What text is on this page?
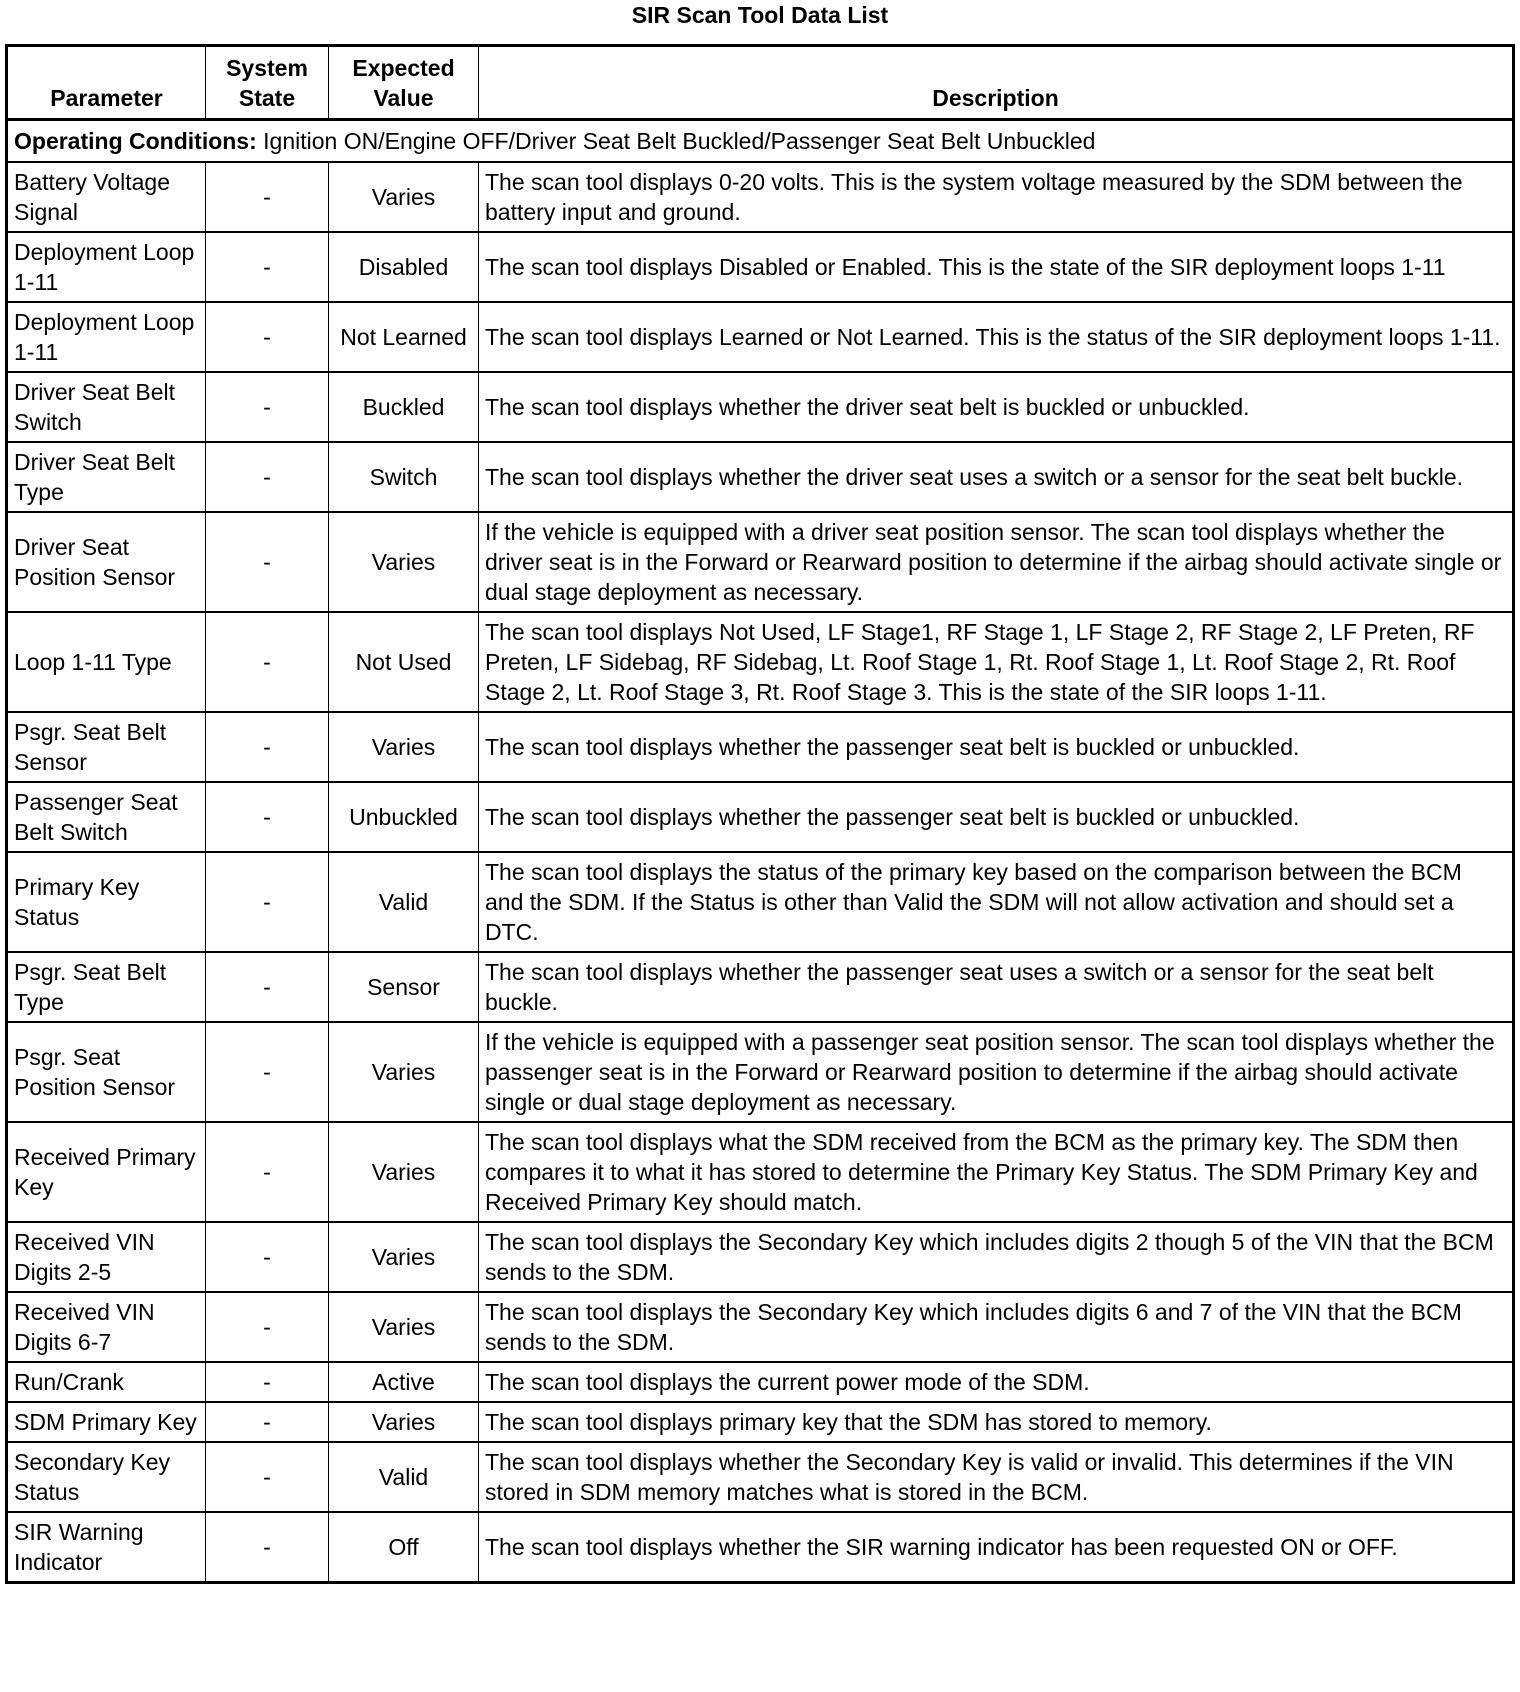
SIR Scan Tool Data List
Parameter	System State	Expected Value	Description
Operating Conditions: Ignition ON/Engine OFF/Driver Seat Belt Buckled/Passenger Seat Belt Unbuckled			
Battery Voltage Signal	-	Varies	The scan tool displays 0-20 volts. This is the system voltage measured by the SDM between the battery input and ground.
Deployment Loop 1-11	-	Disabled	The scan tool displays Disabled or Enabled. This is the state of the SIR deployment loops 1-11
Deployment Loop 1-11	-	Not Learned	The scan tool displays Learned or Not Learned. This is the status of the SIR deployment loops 1-11.
Driver Seat Belt Switch	-	Buckled	The scan tool displays whether the driver seat belt is buckled or unbuckled.
Driver Seat Belt Type	-	Switch	The scan tool displays whether the driver seat uses a switch or a sensor for the seat belt buckle.
Driver Seat Position Sensor	-	Varies	If the vehicle is equipped with a driver seat position sensor. The scan tool displays whether the driver seat is in the Forward or Rearward position to determine if the airbag should activate single or dual stage deployment as necessary.
Loop 1-11 Type	-	Not Used	The scan tool displays Not Used, LF Stage1, RF Stage 1, LF Stage 2, RF Stage 2, LF Preten, RF Preten, LF Sidebag, RF Sidebag, Lt. Roof Stage 1, Rt. Roof Stage 1, Lt. Roof Stage 2, Rt. Roof Stage 2, Lt. Roof Stage 3, Rt. Roof Stage 3. This is the state of the SIR loops 1-11.
Psgr. Seat Belt Sensor	-	Varies	The scan tool displays whether the passenger seat belt is buckled or unbuckled.
Passenger Seat Belt Switch	-	Unbuckled	The scan tool displays whether the passenger seat belt is buckled or unbuckled.
Primary Key Status	-	Valid	The scan tool displays the status of the primary key based on the comparison between the BCM and the SDM. If the Status is other than Valid the SDM will not allow activation and should set a DTC.
Psgr. Seat Belt Type	-	Sensor	The scan tool displays whether the passenger seat uses a switch or a sensor for the seat belt buckle.
Psgr. Seat Position Sensor	-	Varies	If the vehicle is equipped with a passenger seat position sensor. The scan tool displays whether the passenger seat is in the Forward or Rearward position to determine if the airbag should activate single or dual stage deployment as necessary.
Received Primary Key	-	Varies	The scan tool displays what the SDM received from the BCM as the primary key. The SDM then compares it to what it has stored to determine the Primary Key Status. The SDM Primary Key and Received Primary Key should match.
Received VIN Digits 2-5	-	Varies	The scan tool displays the Secondary Key which includes digits 2 though 5 of the VIN that the BCM sends to the SDM.
Received VIN Digits 6-7	-	Varies	The scan tool displays the Secondary Key which includes digits 6 and 7 of the VIN that the BCM sends to the SDM.
Run/Crank	-	Active	The scan tool displays the current power mode of the SDM.
SDM Primary Key	-	Varies	The scan tool displays primary key that the SDM has stored to memory.
Secondary Key Status	-	Valid	The scan tool displays whether the Secondary Key is valid or invalid. This determines if the VIN stored in SDM memory matches what is stored in the BCM.
SIR Warning Indicator	-	Off	The scan tool displays whether the SIR warning indicator has been requested ON or OFF.
